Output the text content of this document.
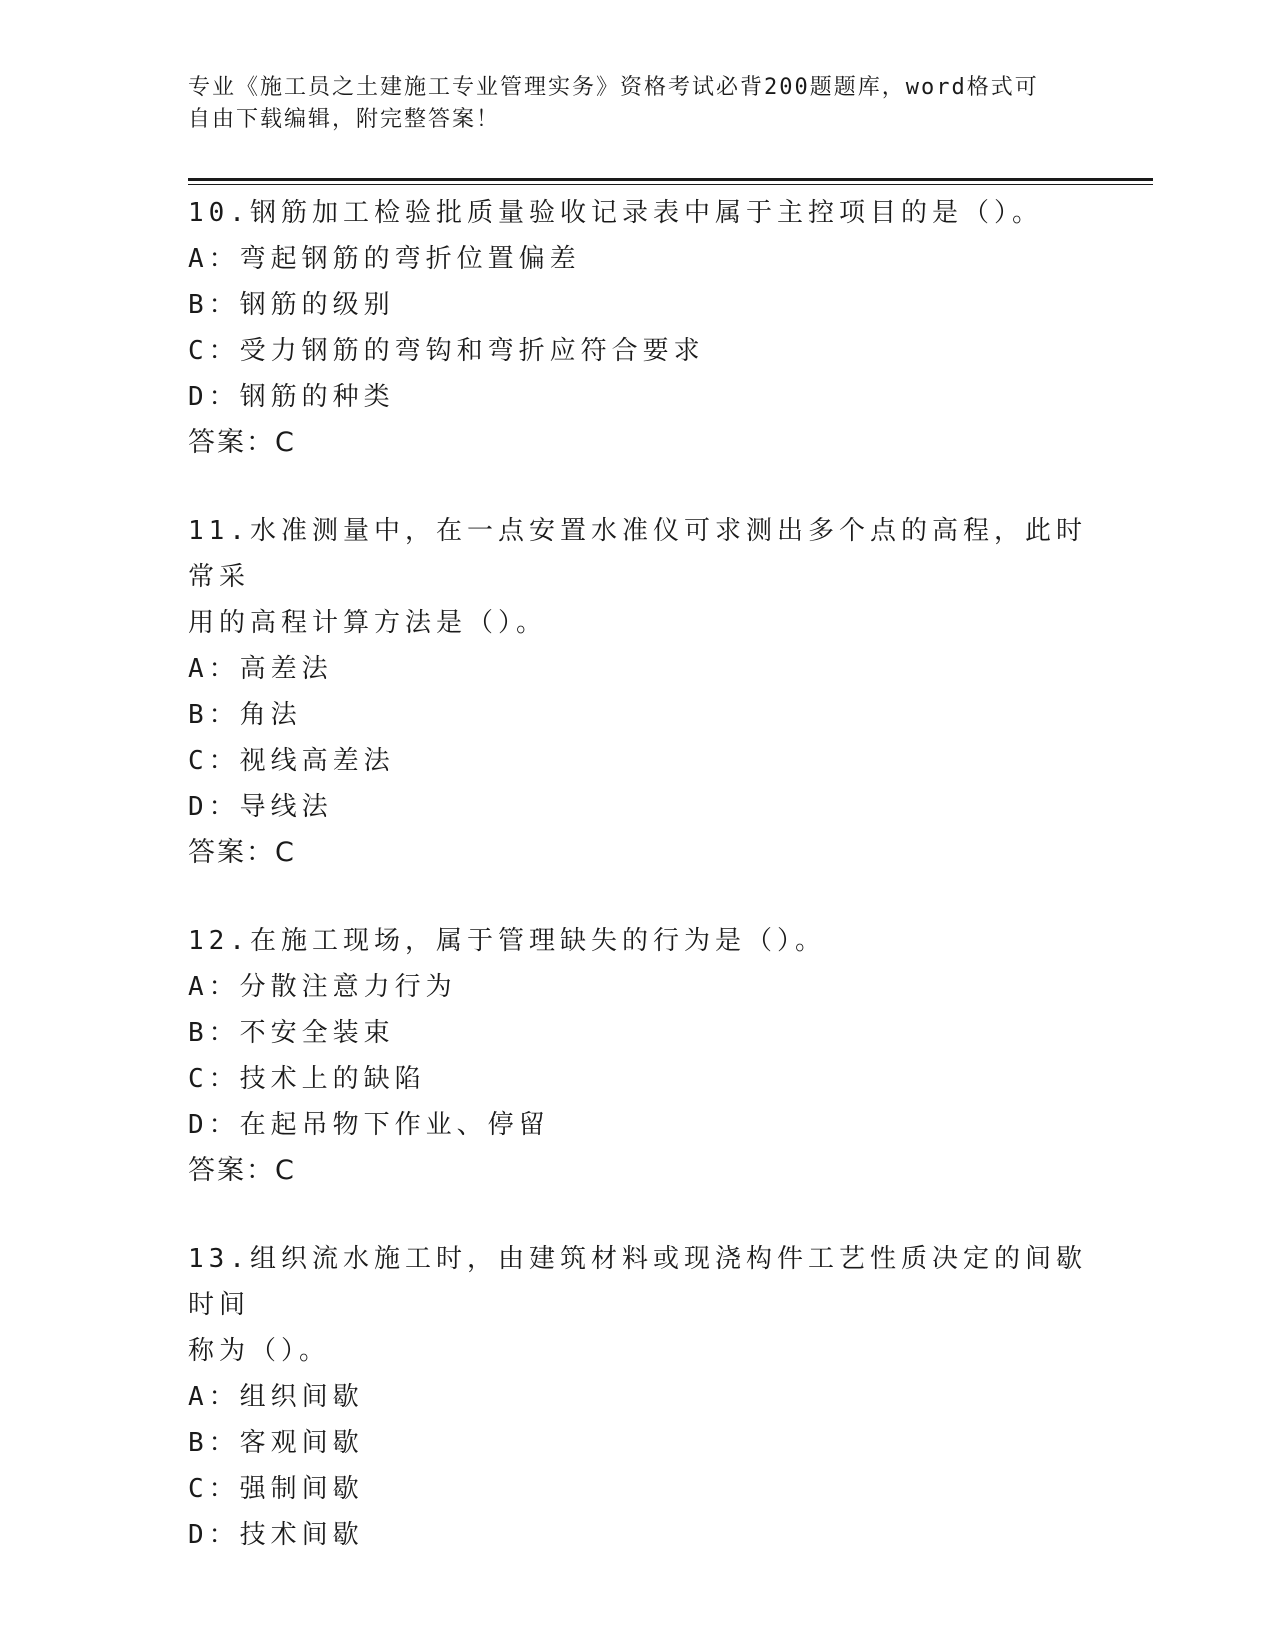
专业《施工员之土建施工专业管理实务》资格考试必背200题题库，word格式可
自由下载编辑，附完整答案！

10.钢筋加工检验批质量验收记录表中属于主控项目的是（）。

A：弯起钢筋的弯折位置偏差

B：钢筋的级别

C：受力钢筋的弯钩和弯折应符合要求

D：钢筋的种类

答案：C

11.水准测量中，在一点安置水准仪可求测出多个点的高程，此时常采

用的高程计算方法是（）。

A：高差法

B：角法

C：视线高差法

D：导线法

答案：C

12.在施工现场，属于管理缺失的行为是（）。

A：分散注意力行为

B：不安全装束

C：技术上的缺陷

D：在起吊物下作业、停留

答案：C

13.组织流水施工时，由建筑材料或现浇构件工艺性质决定的间歇时间

称为（）。

A：组织间歇

B：客观间歇

C：强制间歇

D：技术间歇
